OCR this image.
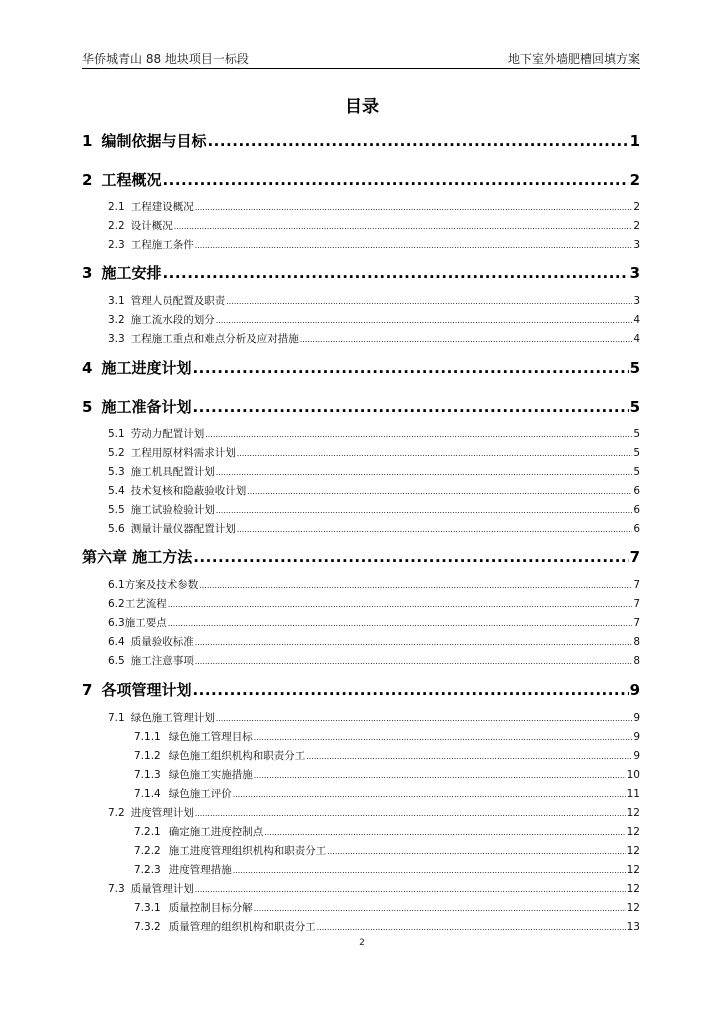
华侨城青山 88 地块项目一标段	地下室外墙肥槽回填方案
目录
1 编制依据与目标 .....	1
2 工程概况 .....	2
2.1 工程建设概况 .....	2
2.2 设计概况 .....	2
2.3 工程施工条件 .....	3
3 施工安排 .....	3
3.1 管理人员配置及职责 .....	3
3.2 施工流水段的划分 .....	4
3.3 工程施工重点和难点分析及应对措施 .....	4
4 施工进度计划 .....	5
5 施工准备计划 .....	5
5.1 劳动力配置计划 .....	5
5.2 工程用原材料需求计划 .....	5
5.3 施工机具配置计划 .....	5
5.4 技术复核和隐蔽验收计划 .....	6
5.5 施工试验检验计划 .....	6
5.6 测量计量仪器配置计划 .....	6
第六章 施工方法 .....	7
6.1 方案及技术参数 .....	7
6.2 工艺流程 .....	7
6.3 施工要点 .....	7
6.4 质量验收标准 .....	8
6.5 施工注意事项 .....	8
7 各项管理计划 .....	9
7.1 绿色施工管理计划 .....	9
7.1.1 绿色施工管理目标 .....	9
7.1.2 绿色施工组织机构和职责分工 .....	9
7.1.3 绿色施工实施措施 .....	10
7.1.4 绿色施工评价 .....	11
7.2 进度管理计划 .....	12
7.2.1 确定施工进度控制点 .....	12
7.2.2 施工进度管理组织机构和职责分工 .....	12
7.2.3 进度管理措施 .....	12
7.3 质量管理计划 .....	12
7.3.1 质量控制目标分解 .....	12
7.3.2 质量管理的组织机构和职责分工 .....	13
2
